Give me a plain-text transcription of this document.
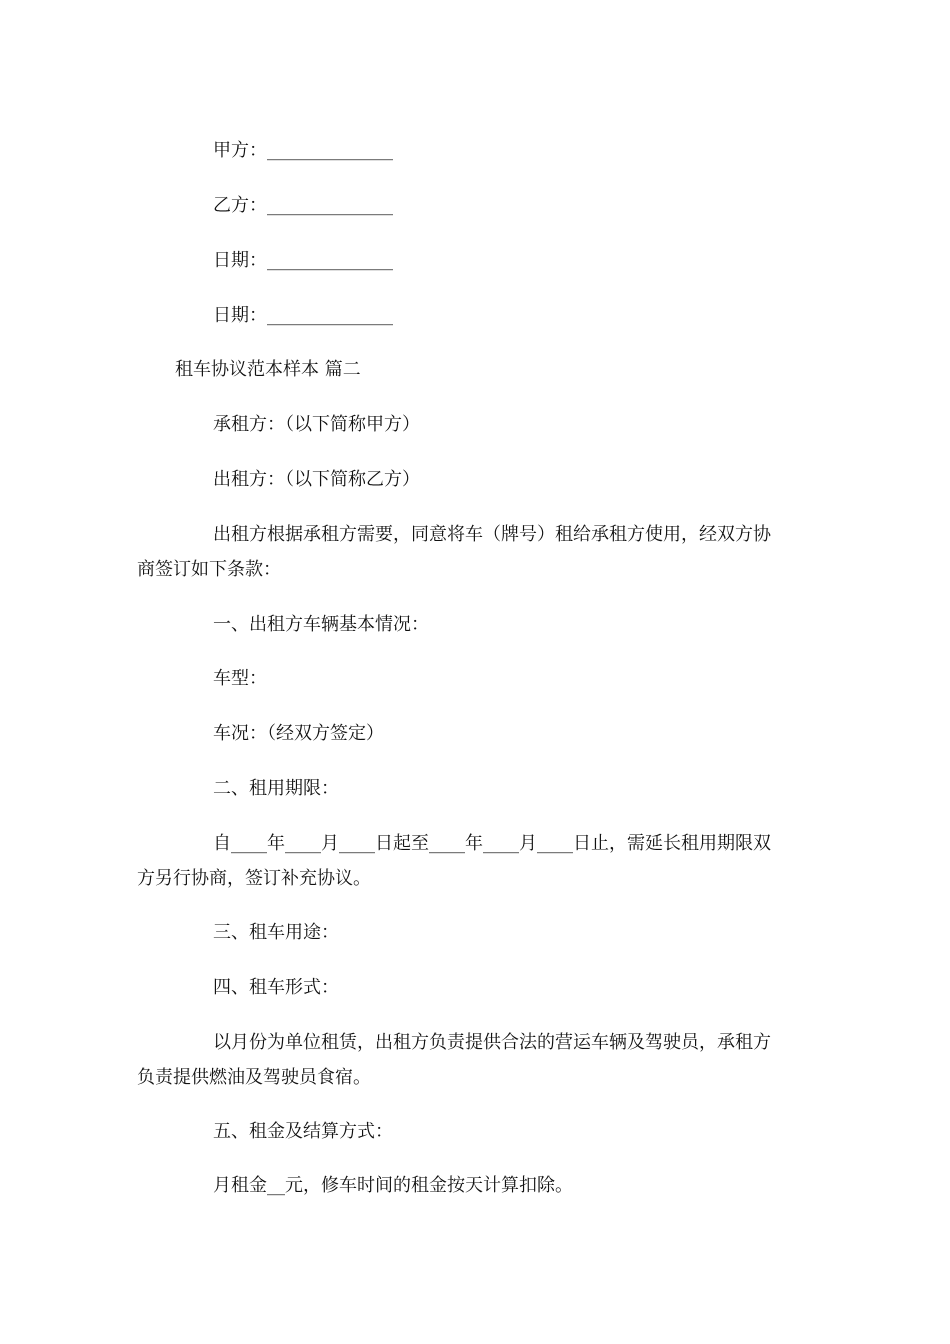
甲方：______________
乙方：______________
日期：______________
日期：______________
租车协议范本样本 篇二
承租方：（以下简称甲方）
出租方：（以下简称乙方）
出租方根据承租方需要，同意将车（牌号）租给承租方使用，经双方协
商签订如下条款：
一、出租方车辆基本情况：
车型：
车况：（经双方签定）
二、租用期限：
自____年____月____日起至____年____月____日止，需延长租用期限双
方另行协商，签订补充协议。
三、租车用途：
四、租车形式：
以月份为单位租赁，出租方负责提供合法的营运车辆及驾驶员，承租方
负责提供燃油及驾驶员食宿。
五、租金及结算方式：
月租金__元，修车时间的租金按天计算扣除。
